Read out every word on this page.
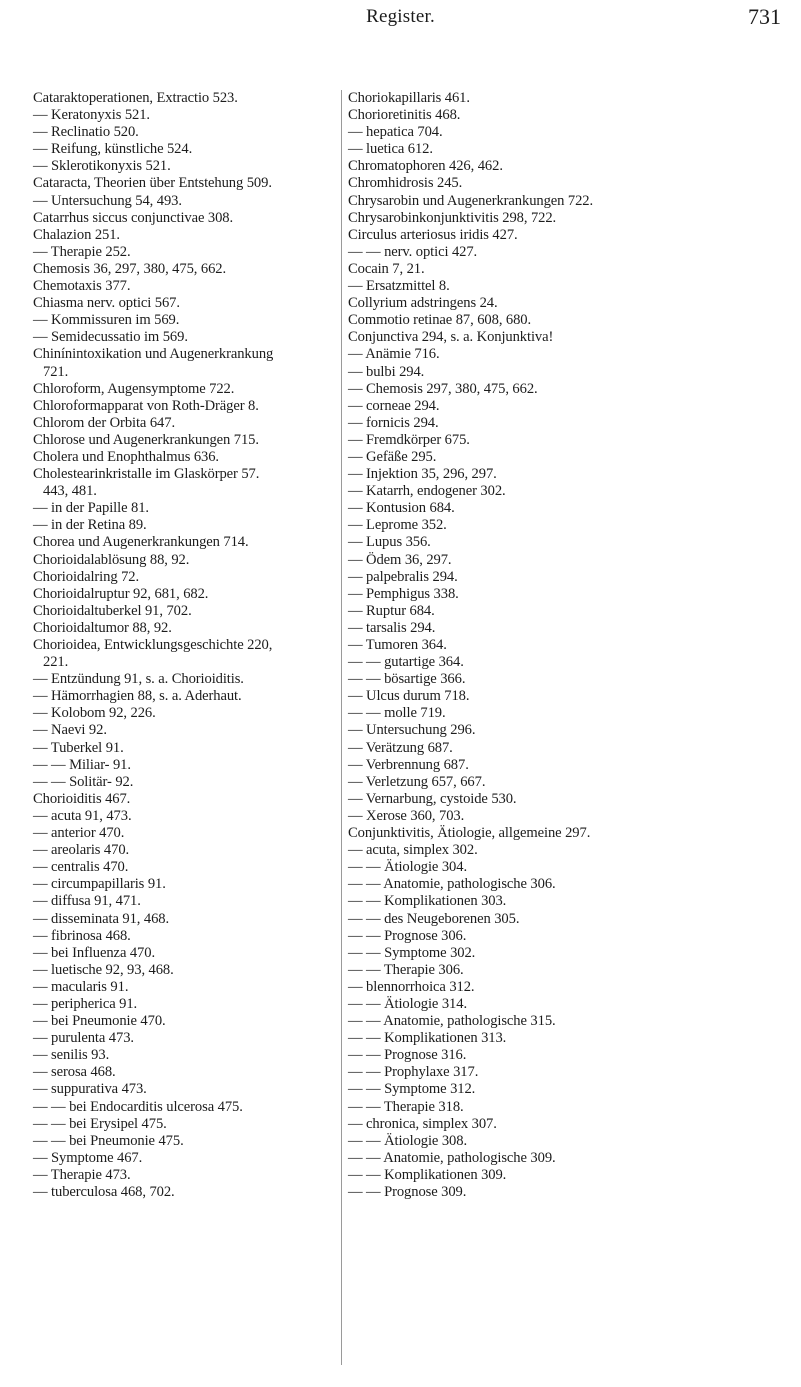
Register.	731
Cataraktoperationen, Extractio 523.
— Keratonyxis 521.
— Reclinatio 520.
— Reifung, künstliche 524.
— Sklerotikonyxis 521.
Cataracta, Theorien über Entstehung 509.
— Untersuchung 54, 493.
Catarrhus siccus conjunctivae 308.
Chalazion 251.
— Therapie 252.
Chemosis 36, 297, 380, 475, 662.
Chemotaxis 377.
Chiasma nerv. optici 567.
— Kommissuren im 569.
— Semidecussatio im 569.
Chinínintoxikation und Augenerkrankung
721.
Chloroform, Augensymptome 722.
Chloroformapparat von Roth-Dräger 8.
Chlorom der Orbita 647.
Chlorose und Augenerkrankungen 715.
Cholera und Enophthalmus 636.
Cholestearinkristalle im Glaskörper 57.
443, 481.
— in der Papille 81.
— in der Retina 89.
Chorea und Augenerkrankungen 714.
Chorioidalablösung 88, 92.
Chorioidalring 72.
Chorioidalruptur 92, 681, 682.
Chorioidaltuberkel 91, 702.
Chorioidaltumor 88, 92.
Chorioidea, Entwicklungsgeschichte 220,
221.
— Entzündung 91, s. a. Chorioiditis.
— Hämorrhagien 88, s. a. Aderhaut.
— Kolobom 92, 226.
— Naevi 92.
— Tuberkel 91.
— — Miliar- 91.
— — Solitär- 92.
Chorioiditis 467.
— acuta 91, 473.
— anterior 470.
— areolaris 470.
— centralis 470.
— circumpapillaris 91.
— diffusa 91, 471.
— disseminata 91, 468.
— fibrinosa 468.
— bei Influenza 470.
— luetische 92, 93, 468.
— macularis 91.
— peripherica 91.
— bei Pneumonie 470.
— purulenta 473.
— senilis 93.
— serosa 468.
— suppurativa 473.
— — bei Endocarditis ulcerosa 475.
— — bei Erysipel 475.
— — bei Pneumonie 475.
— Symptome 467.
— Therapie 473.
— tuberculosa 468, 702.
Choriokapillaris 461.
Chorioretinitis 468.
— hepatica 704.
— luetica 612.
Chromatophoren 426, 462.
Chromhidrosis 245.
Chrysarobin und Augenerkrankungen 722.
Chrysarobinkonjunktivitis 298, 722.
Circulus arteriosus iridis 427.
— — nerv. optici 427.
Cocain 7, 21.
— Ersatzmittel 8.
Collyrium adstringens 24.
Commotio retinae 87, 608, 680.
Conjunctiva 294, s. a. Konjunktiva!
— Anämie 716.
— bulbi 294.
— Chemosis 297, 380, 475, 662.
— corneae 294.
— fornicis 294.
— Fremdkörper 675.
— Gefäße 295.
— Injektion 35, 296, 297.
— Katarrh, endogener 302.
— Kontusion 684.
— Leprome 352.
— Lupus 356.
— Ödem 36, 297.
— palpebralis 294.
— Pemphigus 338.
— Ruptur 684.
— tarsalis 294.
— Tumoren 364.
— — gutartige 364.
— — bösartige 366.
— Ulcus durum 718.
— — molle 719.
— Untersuchung 296.
— Verätzung 687.
— Verbrennung 687.
— Verletzung 657, 667.
— Vernarbung, cystoide 530.
— Xerose 360, 703.
Conjunktivitis, Ätiologie, allgemeine 297.
— acuta, simplex 302.
— — Ätiologie 304.
— — Anatomie, pathologische 306.
— — Komplikationen 303.
— — des Neugeborenen 305.
— — Prognose 306.
— — Symptome 302.
— — Therapie 306.
— blennorrhoica 312.
— — Ätiologie 314.
— — Anatomie, pathologische 315.
— — Komplikationen 313.
— — Prognose 316.
— — Prophylaxe 317.
— — Symptome 312.
— — Therapie 318.
— chronica, simplex 307.
— — Ätiologie 308.
— — Anatomie, pathologische 309.
— — Komplikationen 309.
— — Prognose 309.
